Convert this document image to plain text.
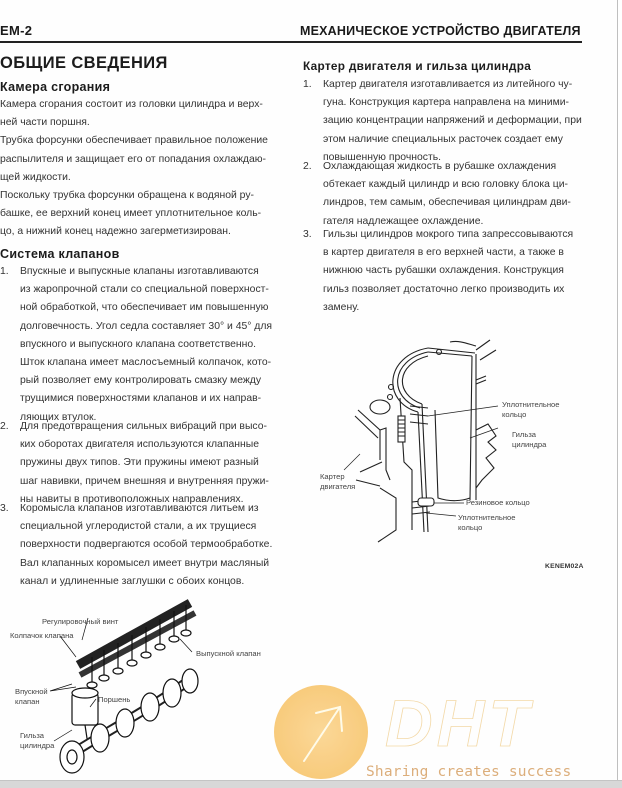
EM-2	МЕХАНИЧЕСКОЕ УСТРОЙСТВО ДВИГАТЕЛЯ
ОБЩИЕ СВЕДЕНИЯ
Камера сгорания
Камера сгорания состоит из головки цилиндра и верх-
ней части поршня.
Трубка форсунки обеспечивает правильное положение
распылителя и защищает его от попадания охлаждаю-
щей жидкости.
Поскольку трубка форсунки обращена к водяной ру-
башке, ее верхний конец имеет уплотнительное коль-
цо, а нижний конец надежно загерметизирован.
Система клапанов
1.	Впускные и выпускные клапаны изготавливаются
из жаропрочной стали со специальной поверхност-
ной обработкой, что обеспечивает им повышенную
долговечность. Угол седла составляет 30° и 45° для
впускного и выпускного клапана соответственно.
Шток клапана имеет маслосъемный колпачок, кото-
рый позволяет ему контролировать смазку между
трущимися поверхностями клапанов и их направ-
ляющих втулок.
2.	Для предотвращения сильных вибраций при высо-
ких оборотах двигателя используются клапанные
пружины двух типов. Эти пружины имеют разный
шаг навивки, причем внешняя и внутренняя пружи-
ны навиты в противоположных направлениях.
3.	Коромысла клапанов изготавливаются литьем из
специальной углеродистой стали, а их трущиеся
поверхности подвергаются особой термообработке.
Вал клапанных коромысел имеет внутри масляный
канал и удлиненные заглушки с обоих концов.
Регулировочный винт
Колпачок клапана
Выпускной клапан
Впускной
клапан	Поршень
Гильза
цилиндра
Картер двигателя и гильза цилиндра
1.	Картер двигателя изготавливается из литейного чу-
гуна. Конструкция картера направлена на миними-
зацию концентрации напряжений и деформации, при
этом наличие специальных расточек создает ему
повышенную прочность.
2.	Охлаждающая жидкость в рубашке охлаждения
обтекает каждый цилиндр и всю головку блока ци-
линдров, тем самым, обеспечивая цилиндрам дви-
гателя надлежащее охлаждение.
3.	Гильзы цилиндров мокрого типа запрессовываются
в картер двигателя в его верхней части, а также в
нижнюю часть рубашки охлаждения. Конструкция
гильз позволяет достаточно легко производить их
замену.
Уплотнительное
кольцо
Гильза
цилиндра
Картер
двигателя
Резиновое кольцо
Уплотнительное
кольцо
KENEM02A
DHT
Sharing creates success
